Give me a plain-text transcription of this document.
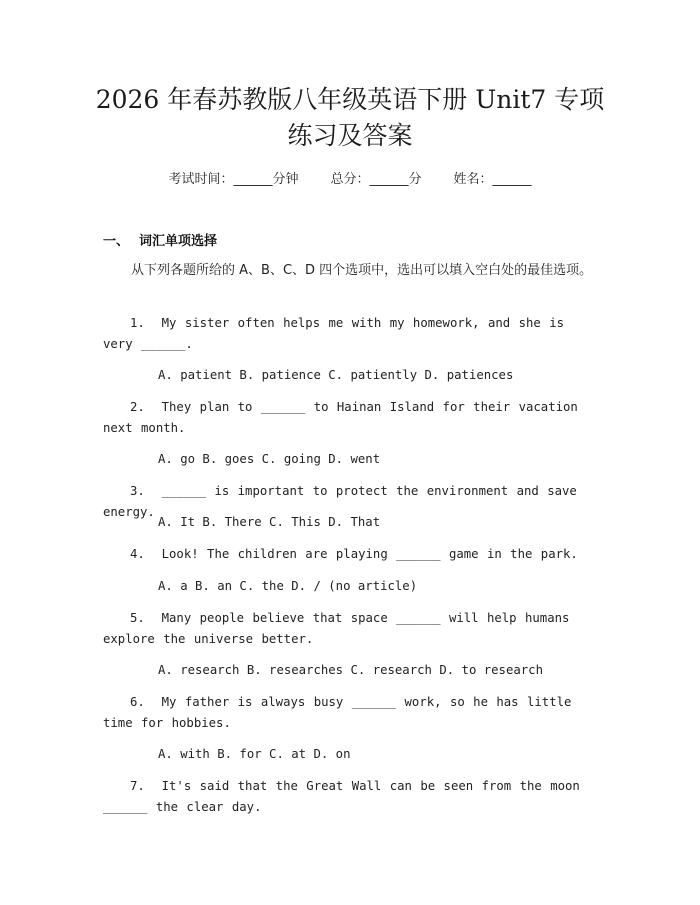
2026 年春苏教版八年级英语下册 Unit7 专项
练习及答案
考试时间：______分钟 总分：______分 姓名：______
一、 词汇单项选择
从下列各题所给的 A、B、C、D 四个选项中，选出可以填入空白处的最佳选项。
1. My sister often helps me with my homework, and she is very ______.
A. patient B. patience C. patiently D. patiences
2. They plan to ______ to Hainan Island for their vacation next month.
A. go B. goes C. going D. went
3. ______ is important to protect the environment and save energy.
A. It B. There C. This D. That
4. Look! The children are playing ______ game in the park.
A. a B. an C. the D. / (no article)
5. Many people believe that space ______ will help humans explore the universe better.
A. research B. researches C. research D. to research
6. My father is always busy ______ work, so he has little time for hobbies.
A. with B. for C. at D. on
7. It's said that the Great Wall can be seen from the moon ______ the clear day.
